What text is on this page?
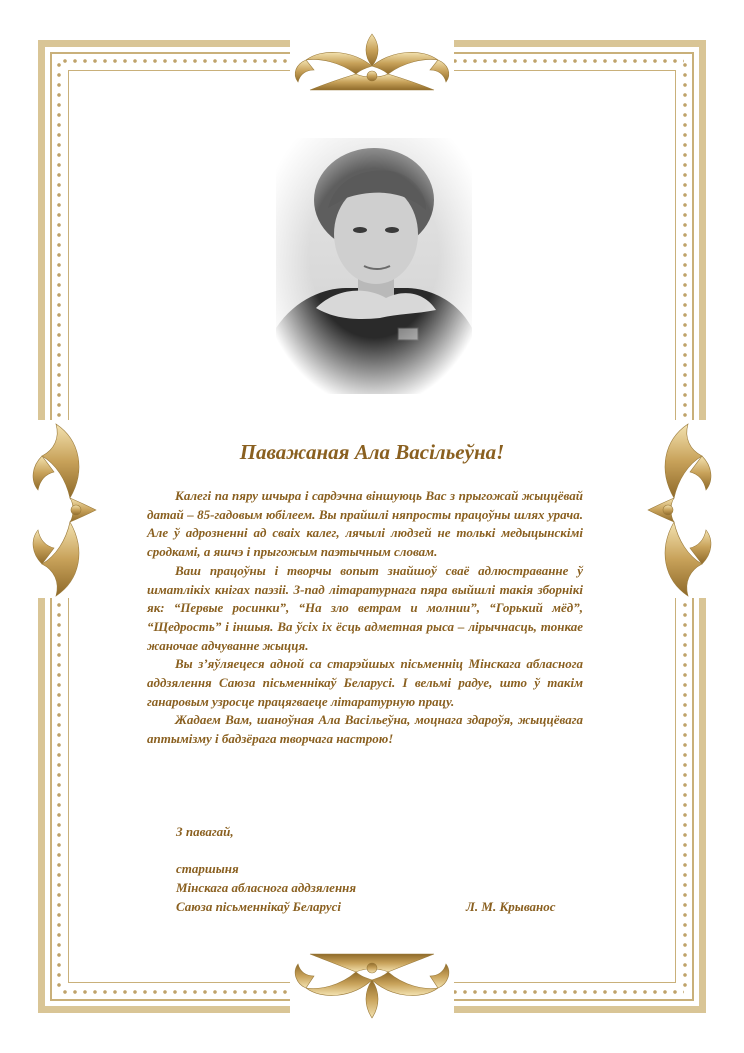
Паважаная Ала Васільеўна!

Калегі па пяру шчыра і сардэчна віншуюць Вас з прыгожай жыццёвай датай – 85-гадовым юбілеем. Вы прайшлі няпросты працоўны шлях урача. Але ў адрозненні ад сваіх калег, лячылі людзей не толькі медыцынскімі сродкамі, а яшчэ і прыгожым паэтычным словам.

Ваш працоўны і творчы вопыт знайшоў сваё адлюстраванне ў шматлікіх кнігах паэзіі. З-пад літаратурнага пяра выйшлі такія зборнікі як: “Первые росинки”, “На зло ветрам и молнии”, “Горький мёд”, “Щедрость” і іншыя. Ва ўсіх іх ёсць адметная рыса – лірычнасць, тонкае жаночае адчуванне жыцця.

Вы з’яўляецеся адной са старэйшых пісьменніц Мінскага абласнога аддзялення Саюза пісьменнікаў Беларусі. І вельмі радуе, што ў такім ганаровым узросце працягваеце літаратурную працу.

Жадаем Вам, шаноўная Ала Васільеўна, моцнага здароўя, жыццёвага аптымізму і бадзёрага творчага настрою!

З павагай,

старшыня

Мінскага абласнога аддзялення

Саюза пісьменнікаў Беларусі	Л. М. Крыванос
